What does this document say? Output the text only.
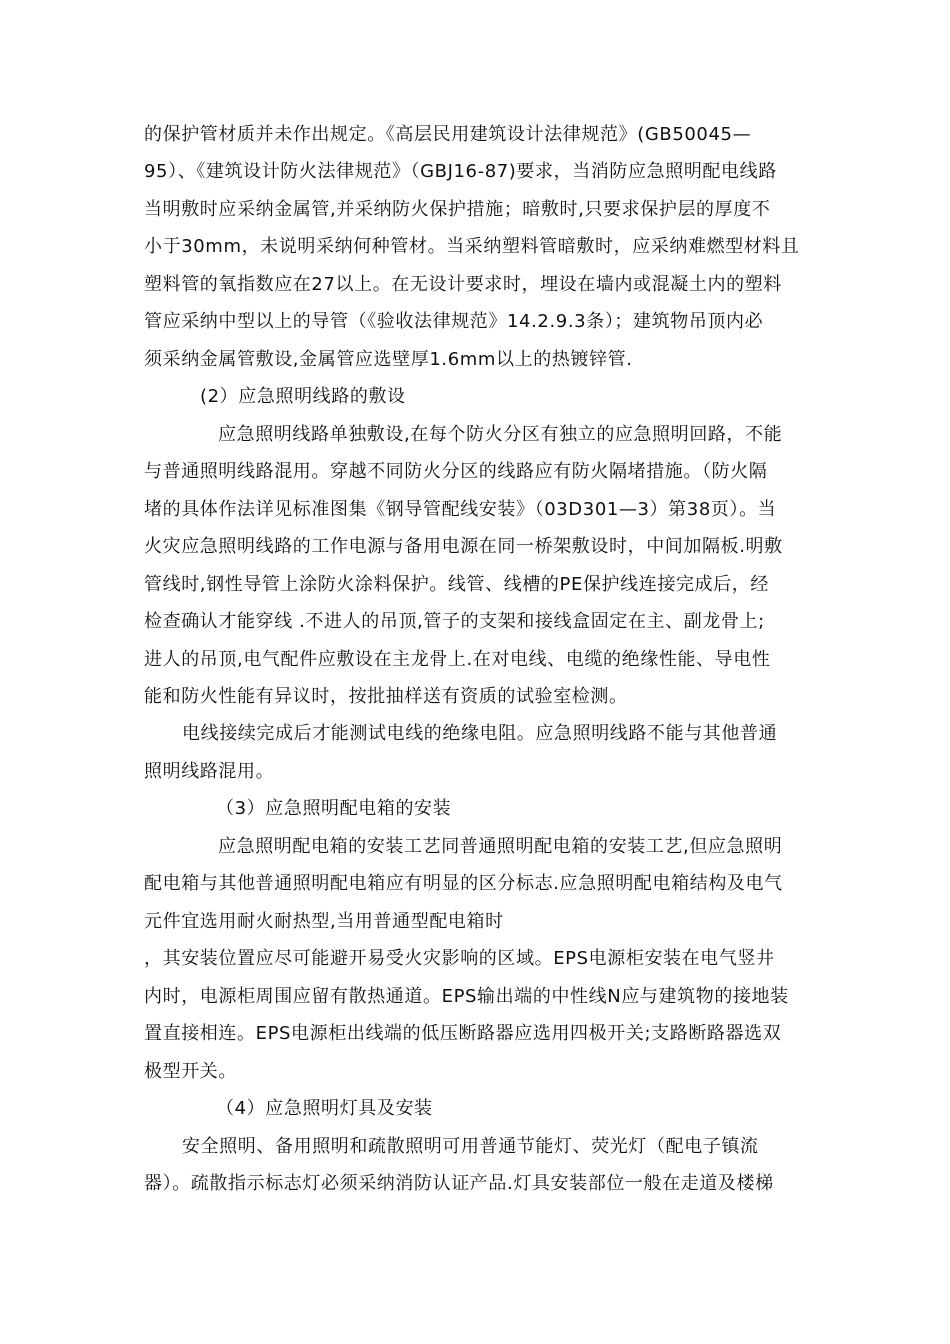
的保护管材质并未作出规定。《高层民用建筑设计法律规范》(GB50045—
95）、《建筑设计防火法律规范》（GBJ16-87)要求，当消防应急照明配电线路
当明敷时应采纳金属管,并采纳防火保护措施；暗敷时,只要求保护层的厚度不
小于30mm，未说明采纳何种管材。当采纳塑料管暗敷时，应采纳难燃型材料且
塑料管的氧指数应在27以上。在无设计要求时，埋设在墙内或混凝土内的塑料
管应采纳中型以上的导管（《验收法律规范》14.2.9.3条）；建筑物吊顶内必
须采纳金属管敷设,金属管应选壁厚1.6mm以上的热镀锌管.
(2）应急照明线路的敷设
应急照明线路单独敷设,在每个防火分区有独立的应急照明回路，不能
与普通照明线路混用。穿越不同防火分区的线路应有防火隔堵措施。（防火隔
堵的具体作法详见标准图集《钢导管配线安装》（03D301—3）第38页）。当
火灾应急照明线路的工作电源与备用电源在同一桥架敷设时，中间加隔板.明敷
管线时,钢性导管上涂防火涂料保护。线管、线槽的PE保护线连接完成后，经
检查确认才能穿线 .不进人的吊顶,管子的支架和接线盒固定在主、副龙骨上;
进人的吊顶,电气配件应敷设在主龙骨上.在对电线、电缆的绝缘性能、导电性
能和防火性能有异议时，按批抽样送有资质的试验室检测。
电线接续完成后才能测试电线的绝缘电阻。应急照明线路不能与其他普通
照明线路混用。
（3）应急照明配电箱的安装
应急照明配电箱的安装工艺同普通照明配电箱的安装工艺,但应急照明
配电箱与其他普通照明配电箱应有明显的区分标志.应急照明配电箱结构及电气
元件宜选用耐火耐热型,当用普通型配电箱时
，其安装位置应尽可能避开易受火灾影响的区域。EPS电源柜安装在电气竖井
内时，电源柜周围应留有散热通道。EPS输出端的中性线N应与建筑物的接地装
置直接相连。EPS电源柜出线端的低压断路器应选用四极开关;支路断路器选双
极型开关。
（4）应急照明灯具及安装
安全照明、备用照明和疏散照明可用普通节能灯、荧光灯（配电子镇流
器）。疏散指示标志灯必须采纳消防认证产品.灯具安装部位一般在走道及楼梯
